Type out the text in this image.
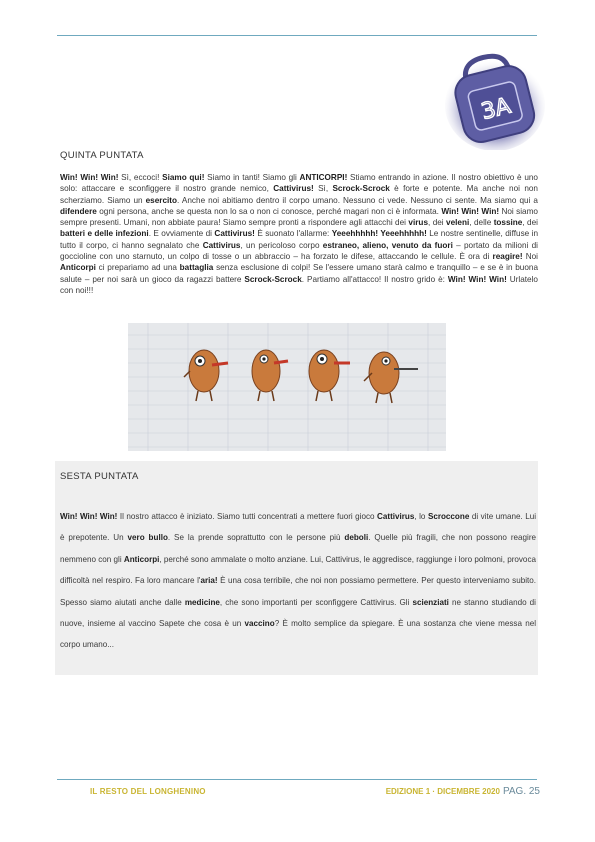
3A
QUINTA PUNTATA
Win! Win! Win! Sì, eccoci! Siamo qui! Siamo in tanti! Siamo gli ANTICORPI! Stiamo entrando in azione. Il nostro obiettivo è uno solo: attaccare e sconfiggere il nostro grande nemico, Cattivirus! Sì, Scrock-Scrock è forte e potente. Ma anche noi non scherziamo. Siamo un esercito. Anche noi abitiamo dentro il corpo umano. Nessuno ci vede. Nessuno ci sente. Ma siamo qui a difendere ogni persona, anche se questa non lo sa o non ci conosce, perché magari non ci è informata. Win! Win! Win! Noi siamo sempre presenti. Umani, non abbiate paura! Siamo sempre pronti a rispondere agli attacchi dei virus, dei veleni, delle tossine, dei batteri e delle infezioni. E ovviamente di Cattivirus! È suonato l'allarme: Yeeehhhhh! Yeeehhhhh! Le nostre sentinelle, diffuse in tutto il corpo, ci hanno segnalato che Cattivirus, un pericoloso corpo estraneo, alieno, venuto da fuori – portato da milioni di goccioline con uno starnuto, un colpo di tosse o un abbraccio – ha forzato le difese, attaccando le cellule. È ora di reagire! Noi Anticorpi ci prepariamo ad una battaglia senza esclusione di colpi! Se l'essere umano starà calmo e tranquillo – e se è in buona salute – per noi sarà un gioco da ragazzi battere Scrock-Scrock. Partiamo all'attacco! Il nostro grido è: Win! Win! Win! Urlatelo con noi!!!
SESTA PUNTATA
Win! Win! Win! Il nostro attacco è iniziato. Siamo tutti concentrati a mettere fuori gioco Cattivirus, lo Scroccone di vite umane. Lui è prepotente. Un vero bullo. Se la prende soprattutto con le persone più deboli. Quelle più fragili, che non possono reagire nemmeno con gli Anticorpi, perché sono ammalate o molto anziane. Lui, Cattivirus, le aggredisce, raggiunge i loro polmoni, provoca difficoltà nel respiro. Fa loro mancare l'aria! È una cosa terribile, che noi non possiamo permettere. Per questo interveniamo subito. Spesso siamo aiutati anche dalle medicine, che sono importanti per sconfiggere Cattivirus. Gli scienziati ne stanno studiando di nuove, insieme al vaccino Sapete che cosa è un vaccino? È molto semplice da spiegare. È una sostanza che viene messa nel corpo umano...
IL RESTO DEL LONGHENINO	EDIZIONE 1 · DICEMBRE 2020 PAG. 25
